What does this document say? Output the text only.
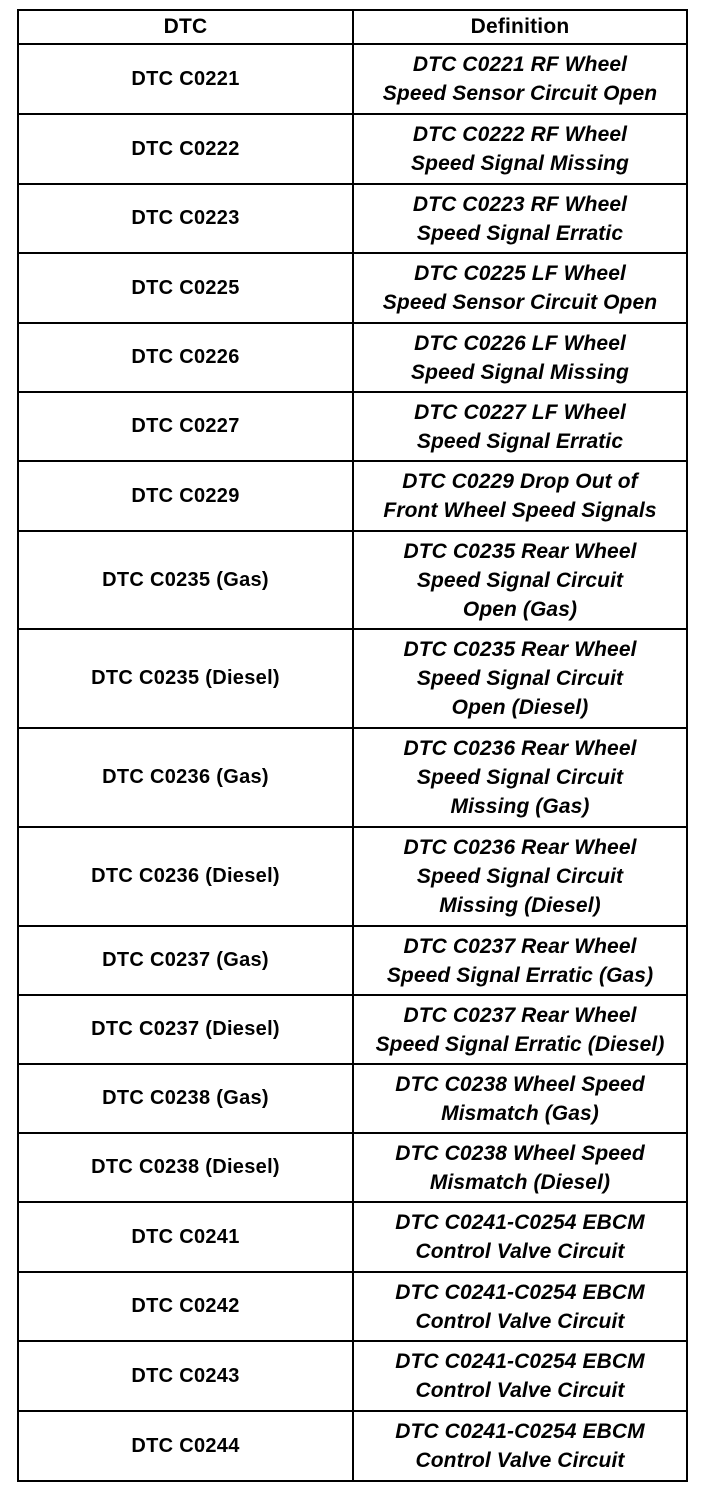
DTC	Definition
DTC C0221	DTC C0221 RF Wheel
Speed Sensor Circuit Open

DTC C0222	DTC C0222 RF Wheel
Speed Signal Missing

DTC C0223	DTC C0223 RF Wheel
Speed Signal Erratic

DTC C0225	DTC C0225 LF Wheel
Speed Sensor Circuit Open

DTC C0226	DTC C0226 LF Wheel
Speed Signal Missing

DTC C0227	DTC C0227 LF Wheel
Speed Signal Erratic

DTC C0229	DTC C0229 Drop Out of
Front Wheel Speed Signals

DTC C0235 (Gas)	DTC C0235 Rear Wheel
Speed Signal Circuit
Open (Gas)

DTC C0235 (Diesel)	DTC C0235 Rear Wheel
Speed Signal Circuit
Open (Diesel)

DTC C0236 (Gas)	DTC C0236 Rear Wheel
Speed Signal Circuit
Missing (Gas)

DTC C0236 (Diesel)	DTC C0236 Rear Wheel
Speed Signal Circuit
Missing (Diesel)

DTC C0237 (Gas)	DTC C0237 Rear Wheel
Speed Signal Erratic (Gas)

DTC C0237 (Diesel)	DTC C0237 Rear Wheel
Speed Signal Erratic (Diesel)

DTC C0238 (Gas)	DTC C0238 Wheel Speed
Mismatch (Gas)

DTC C0238 (Diesel)	DTC C0238 Wheel Speed
Mismatch (Diesel)

DTC C0241	DTC C0241-C0254 EBCM
Control Valve Circuit

DTC C0242	DTC C0241-C0254 EBCM
Control Valve Circuit

DTC C0243	DTC C0241-C0254 EBCM
Control Valve Circuit

DTC C0244	DTC C0241-C0254 EBCM
Control Valve Circuit
